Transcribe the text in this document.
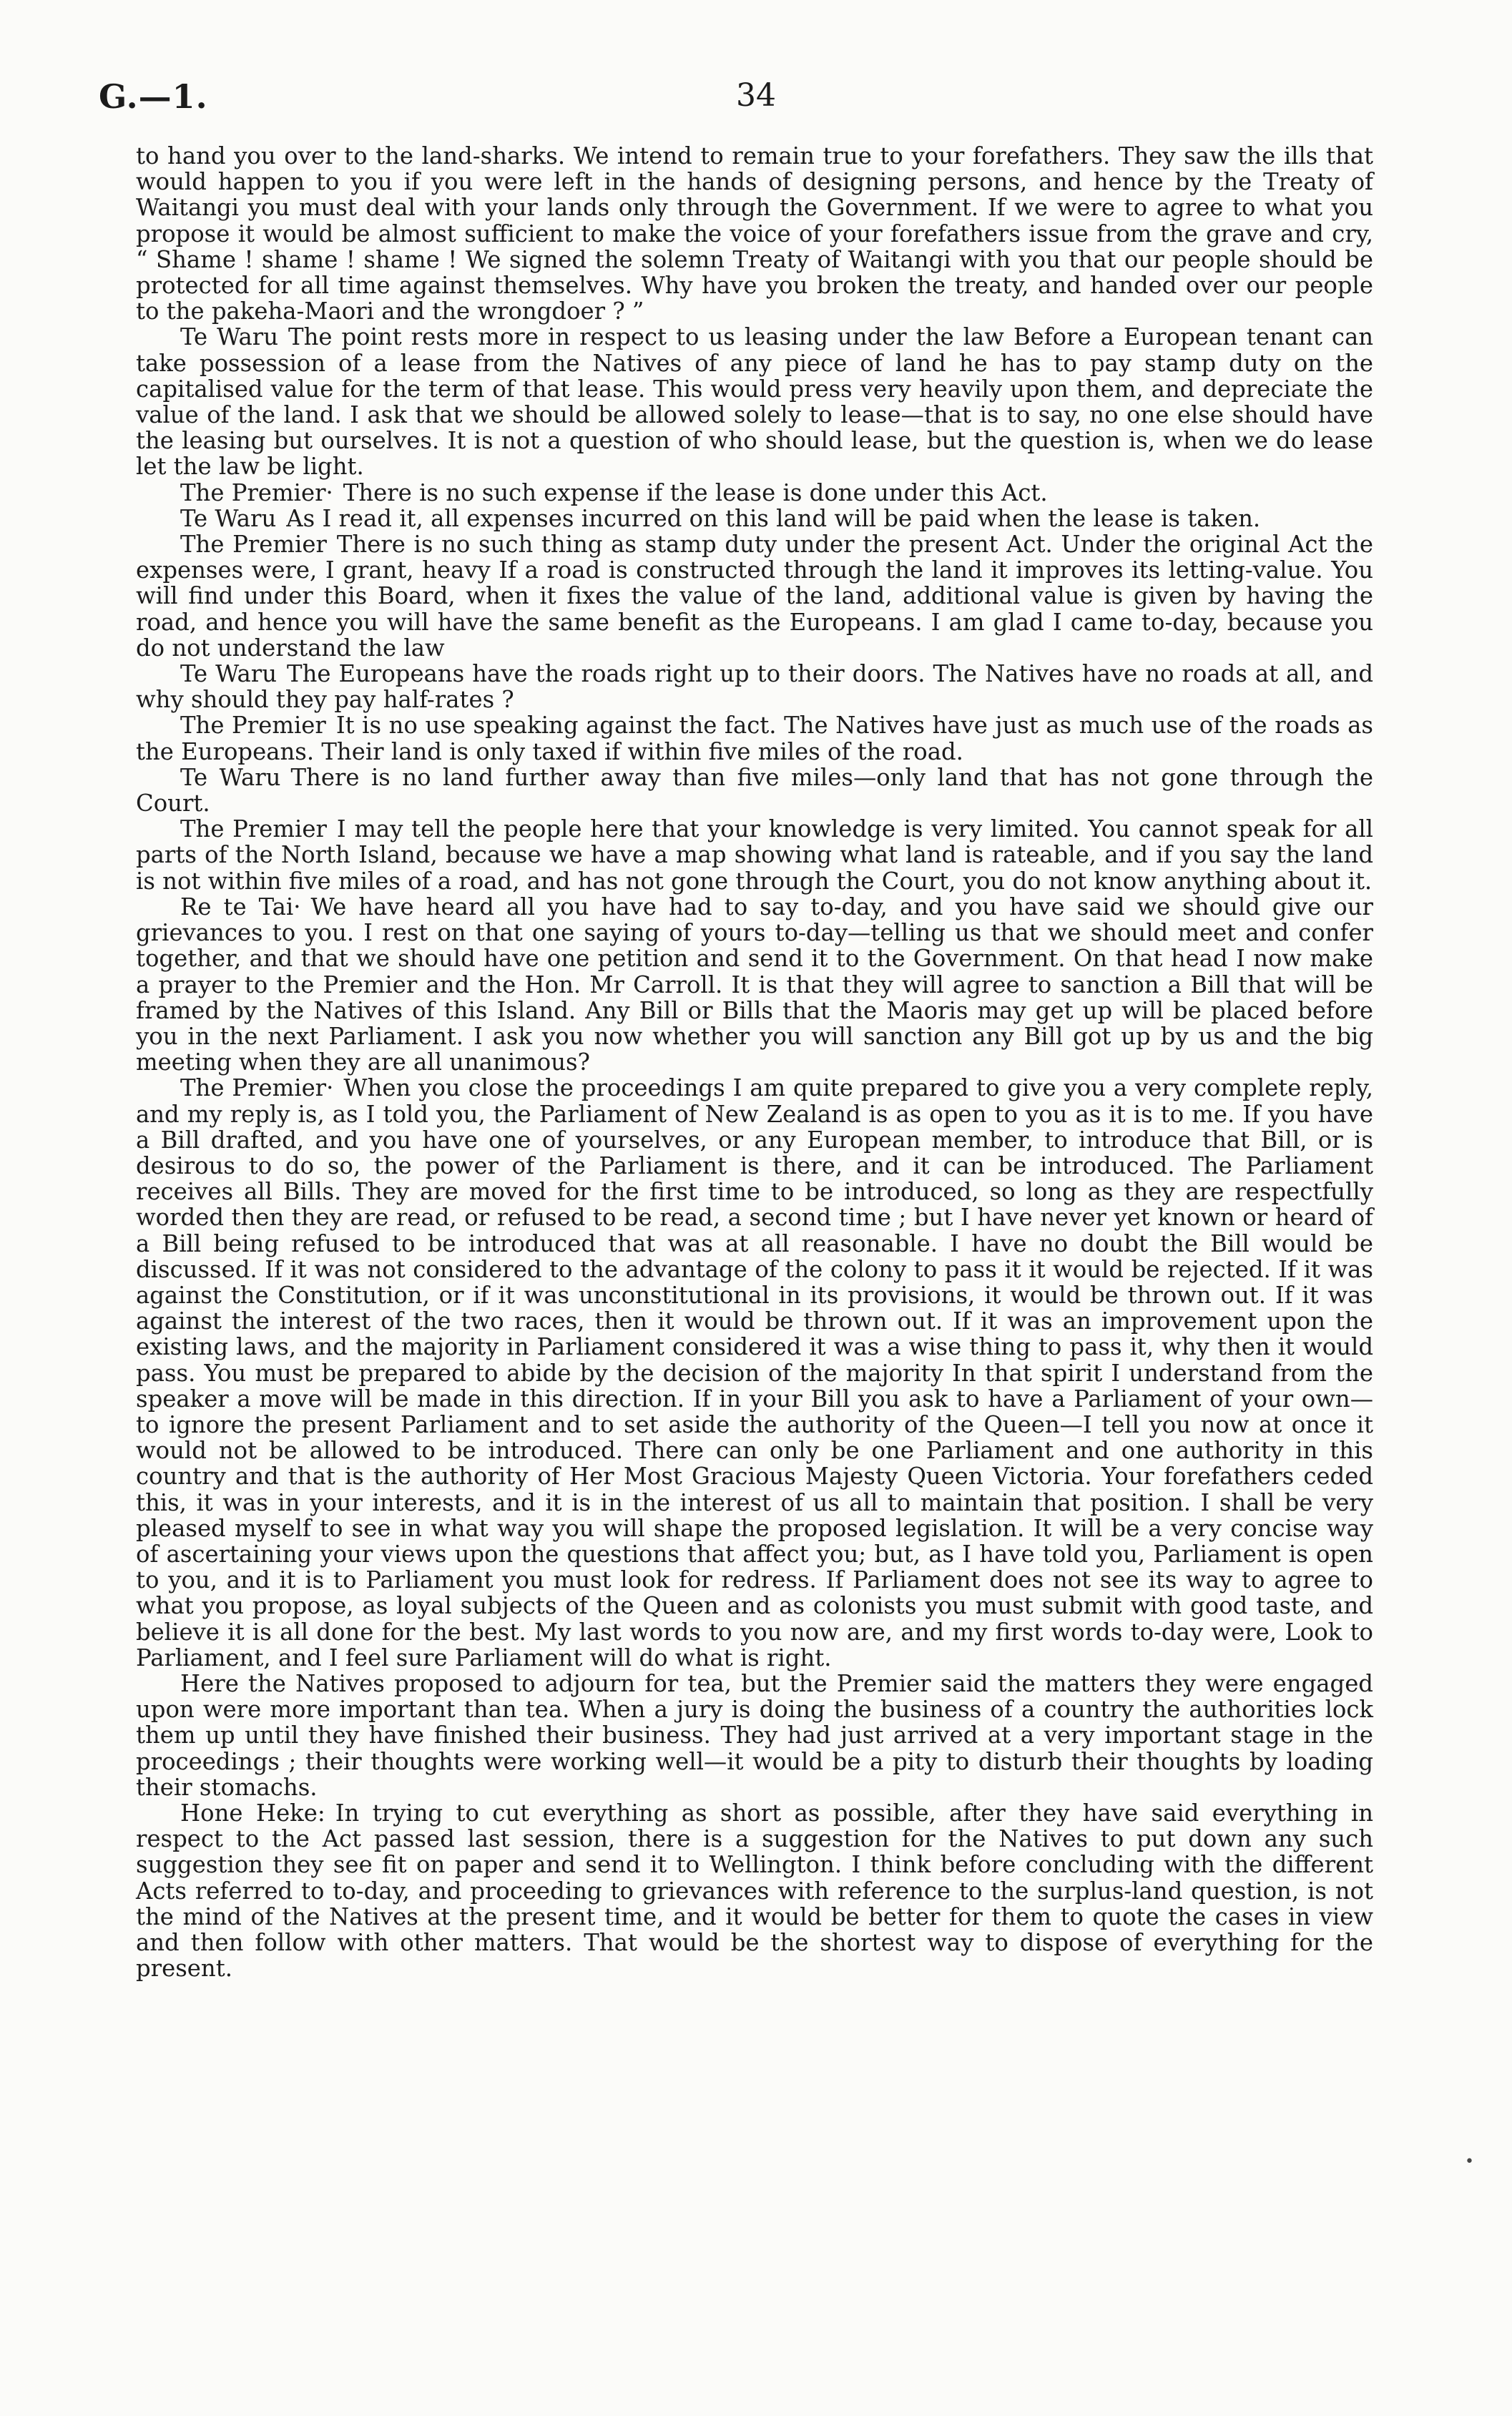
G.—1.	34

to hand you over to the land-sharks. We intend to remain true to your forefathers. They saw the ills that would happen to you if you were left in the hands of designing persons, and hence by the Treaty of Waitangi you must deal with your lands only through the Government. If we were to agree to what you propose it would be almost sufficient to make the voice of your forefathers issue from the grave and cry, “ Shame ! shame ! shame ! We signed the solemn Treaty of Waitangi with you that our people should be protected for all time against themselves. Why have you broken the treaty, and handed over our people to the pakeha-Maori and the wrongdoer ? ”

Te Waru The point rests more in respect to us leasing under the law Before a European tenant can take possession of a lease from the Natives of any piece of land he has to pay stamp duty on the capitalised value for the term of that lease. This would press very heavily upon them, and depreciate the value of the land. I ask that we should be allowed solely to lease—that is to say, no one else should have the leasing but ourselves. It is not a question of who should lease, but the question is, when we do lease let the law be light.

The Premier· There is no such expense if the lease is done under this Act.

Te Waru As I read it, all expenses incurred on this land will be paid when the lease is taken.

The Premier There is no such thing as stamp duty under the present Act. Under the original Act the expenses were, I grant, heavy If a road is constructed through the land it improves its letting-value. You will find under this Board, when it fixes the value of the land, additional value is given by having the road, and hence you will have the same benefit as the Europeans. I am glad I came to-day, because you do not understand the law

Te Waru The Europeans have the roads right up to their doors. The Natives have no roads at all, and why should they pay half-rates ?

The Premier It is no use speaking against the fact. The Natives have just as much use of the roads as the Europeans. Their land is only taxed if within five miles of the road.

Te Waru There is no land further away than five miles—only land that has not gone through the Court.

The Premier I may tell the people here that your knowledge is very limited. You cannot speak for all parts of the North Island, because we have a map showing what land is rateable, and if you say the land is not within five miles of a road, and has not gone through the Court, you do not know anything about it.

Re te Tai· We have heard all you have had to say to-day, and you have said we should give our grievances to you. I rest on that one saying of yours to-day—telling us that we should meet and confer together, and that we should have one petition and send it to the Government. On that head I now make a prayer to the Premier and the Hon. Mr Carroll. It is that they will agree to sanction a Bill that will be framed by the Natives of this Island. Any Bill or Bills that the Maoris may get up will be placed before you in the next Parliament. I ask you now whether you will sanction any Bill got up by us and the big meeting when they are all unanimous?

The Premier· When you close the proceedings I am quite prepared to give you a very complete reply, and my reply is, as I told you, the Parliament of New Zealand is as open to you as it is to me. If you have a Bill drafted, and you have one of yourselves, or any European member, to introduce that Bill, or is desirous to do so, the power of the Parliament is there, and it can be introduced. The Parliament receives all Bills. They are moved for the first time to be introduced, so long as they are respectfully worded then they are read, or refused to be read, a second time ; but I have never yet known or heard of a Bill being refused to be introduced that was at all reasonable. I have no doubt the Bill would be discussed. If it was not considered to the advantage of the colony to pass it it would be rejected. If it was against the Constitution, or if it was unconstitutional in its provisions, it would be thrown out. If it was against the interest of the two races, then it would be thrown out. If it was an improvement upon the existing laws, and the majority in Parliament considered it was a wise thing to pass it, why then it would pass. You must be prepared to abide by the decision of the majority In that spirit I understand from the speaker a move will be made in this direction. If in your Bill you ask to have a Parliament of your own—to ignore the present Parliament and to set aside the authority of the Queen—I tell you now at once it would not be allowed to be introduced. There can only be one Parliament and one authority in this country and that is the authority of Her Most Gracious Majesty Queen Victoria. Your forefathers ceded this, it was in your interests, and it is in the interest of us all to maintain that position. I shall be very pleased myself to see in what way you will shape the proposed legislation. It will be a very concise way of ascertaining your views upon the questions that affect you; but, as I have told you, Parliament is open to you, and it is to Parliament you must look for redress. If Parliament does not see its way to agree to what you propose, as loyal subjects of the Queen and as colonists you must submit with good taste, and believe it is all done for the best. My last words to you now are, and my first words to-day were, Look to Parliament, and I feel sure Parliament will do what is right.

Here the Natives proposed to adjourn for tea, but the Premier said the matters they were engaged upon were more important than tea. When a jury is doing the business of a country the authorities lock them up until they have finished their business. They had just arrived at a very important stage in the proceedings ; their thoughts were working well—it would be a pity to disturb their thoughts by loading their stomachs.

Hone Heke: In trying to cut everything as short as possible, after they have said everything in respect to the Act passed last session, there is a suggestion for the Natives to put down any such suggestion they see fit on paper and send it to Wellington. I think before concluding with the different Acts referred to to-day, and proceeding to grievances with reference to the surplus-land question, is not the mind of the Natives at the present time, and it would be better for them to quote the cases in view and then follow with other matters. That would be the shortest way to dispose of everything for the present.

•
